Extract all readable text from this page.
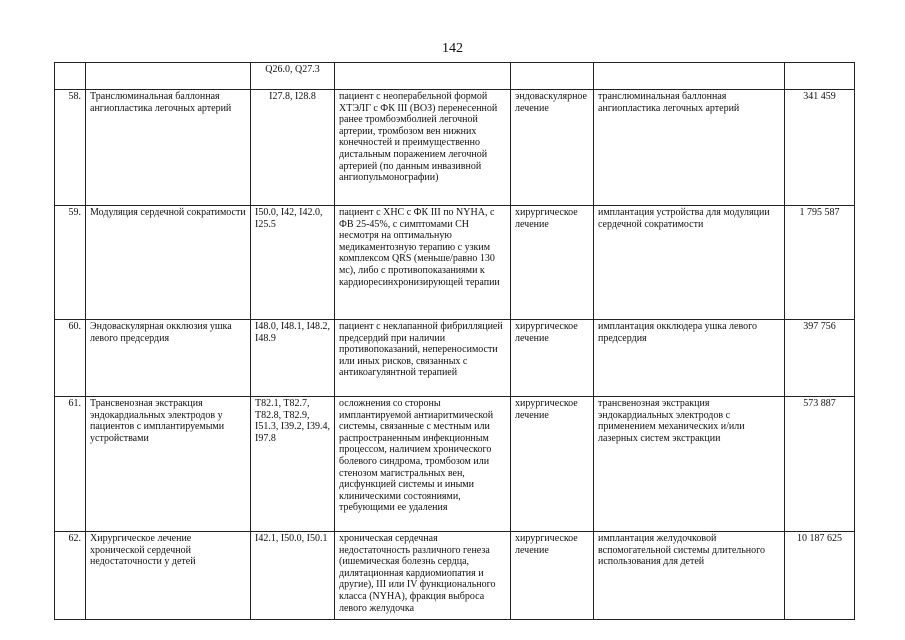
142
		Q26.0, Q27.3				
58.	Транслюминальная баллонная ангиопластика легочных артерий	I27.8, I28.8	пациент с неоперабельной формой ХТЭЛГ с ФК III (ВОЗ) перенесенной ранее тромбоэмболией легочной артерии, тромбозом вен нижних конечностей и преимущественно дистальным поражением легочной артерией (по данным инвазивной ангиопульмонографии)	эндоваскулярное лечение	транслюминальная баллонная ангиопластика легочных артерий	341 459
59.	Модуляция сердечной сократимости	I50.0, I42, I42.0, I25.5	пациент с ХНС с ФК III по NYHA, с ФВ 25-45%, с симптомами СН несмотря на оптимальную медикаментозную терапию с узким комплексом QRS (меньше/равно 130 мс), либо с противопоказаниями к кардиоресинхронизирующей терапии	хирургическое лечение	имплантация устройства для модуляции сердечной сократимости	1 795 587
60.	Эндоваскулярная окклюзия ушка левого предсердия	I48.0, I48.1, I48.2, I48.9	пациент с неклапанной фибрилляцией предсердий при наличии противопоказаний, непереносимости или иных рисков, связанных с антикоагулянтной терапией	хирургическое лечение	имплантация окклюдера ушка левого предсердия	397 756
61.	Трансвенозная экстракция эндокардиальных электродов у пациентов с имплантируемыми устройствами	T82.1, T82.7, T82.8, T82.9, I51.3, I39.2, I39.4, I97.8	осложнения со стороны имплантируемой антиаритмической системы, связанные с местным или распространенным инфекционным процессом, наличием хронического болевого синдрома, тромбозом или стенозом магистральных вен, дисфункцией системы и иными клиническими состояниями, требующими ее удаления	хирургическое лечение	трансвенозная экстракция эндокардиальных электродов с применением механических и/или лазерных систем экстракции	573 887
62.	Хирургическое лечение хронической сердечной недостаточности у детей	I42.1, I50.0, I50.1	хроническая сердечная недостаточность различного генеза (ишемическая болезнь сердца, дилятационная кардиомиопатия и другие), III или IV функционального класса (NYHA), фракция выброса левого желудочка	хирургическое лечение	имплантация желудочковой вспомогательной системы длительного использования для детей	10 187 625
